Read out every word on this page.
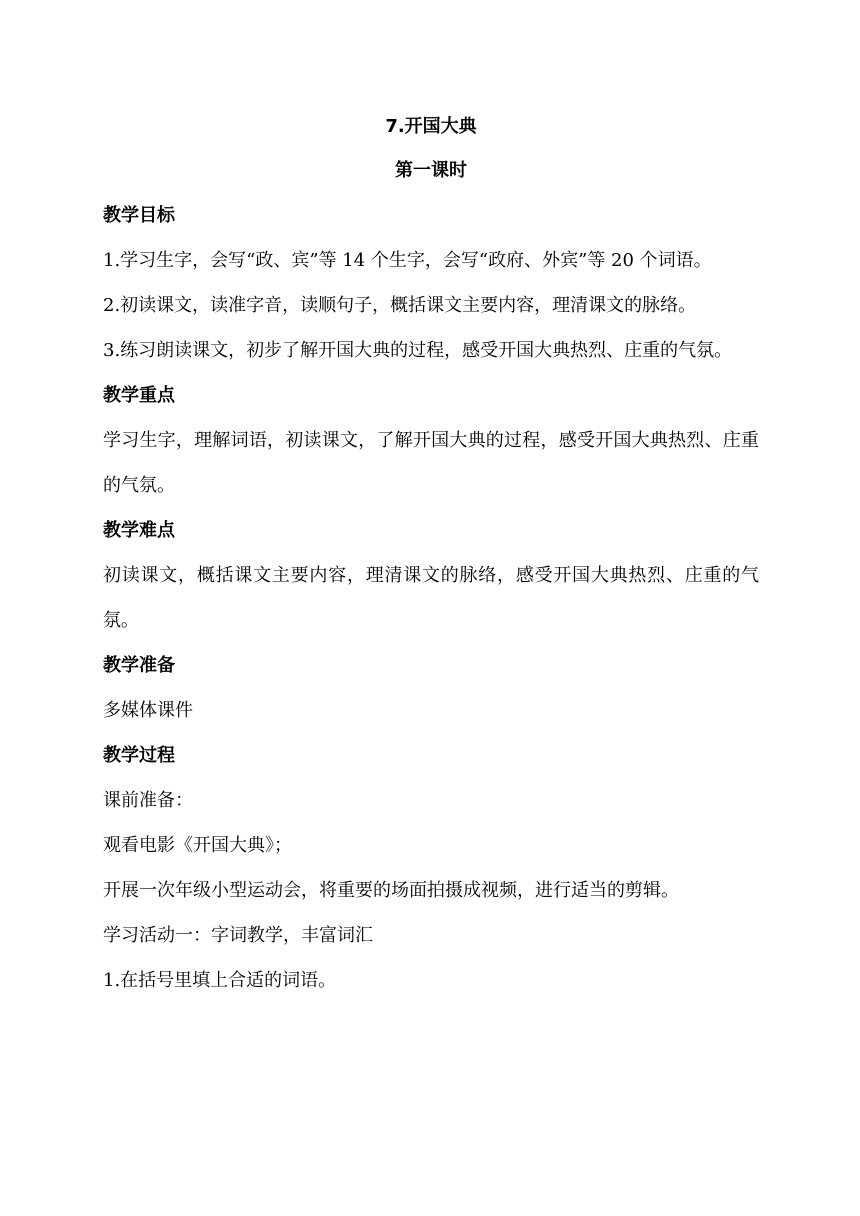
7.开国大典
第一课时
教学目标

1.学习生字，会写“政、宾”等 14 个生字，会写“政府、外宾”等 20 个词语。

2.初读课文，读准字音，读顺句子，概括课文主要内容，理清课文的脉络。

3.练习朗读课文，初步了解开国大典的过程，感受开国大典热烈、庄重的气氛。

教学重点

学习生字，理解词语，初读课文，了解开国大典的过程，感受开国大典热烈、庄重的气氛。

教学难点

初读课文，概括课文主要内容，理清课文的脉络，感受开国大典热烈、庄重的气氛。

教学准备

多媒体课件

教学过程

课前准备：

观看电影《开国大典》；

开展一次年级小型运动会，将重要的场面拍摄成视频，进行适当的剪辑。

学习活动一：字词教学，丰富词汇

1.在括号里填上合适的词语。
